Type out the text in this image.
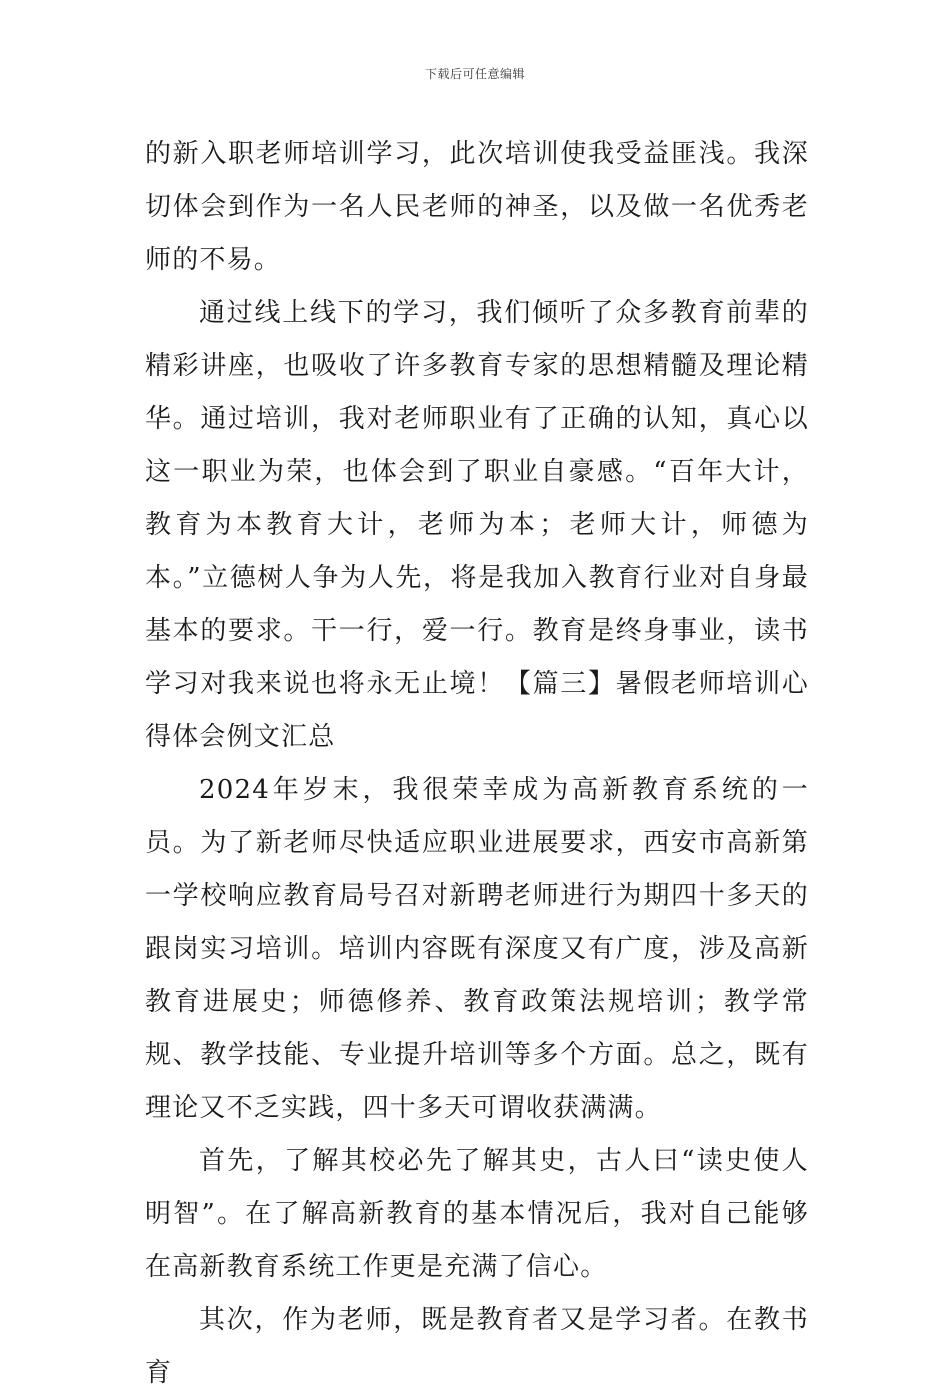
下载后可任意编辑

的新入职老师培训学习，此次培训使我受益匪浅。我深切体会到作为一名人民老师的神圣，以及做一名优秀老师的不易。

通过线上线下的学习，我们倾听了众多教育前辈的精彩讲座，也吸收了许多教育专家的思想精髓及理论精华。通过培训，我对老师职业有了正确的认知，真心以这一职业为荣，也体会到了职业自豪感。“百年大计，教育为本教育大计，老师为本；老师大计，师德为本。”立德树人争为人先，将是我加入教育行业对自身最基本的要求。干一行，爱一行。教育是终身事业，读书学习对我来说也将永无止境！【篇三】暑假老师培训心得体会例文汇总

2024年岁末，我很荣幸成为高新教育系统的一员。为了新老师尽快适应职业进展要求，西安市高新第一学校响应教育局号召对新聘老师进行为期四十多天的跟岗实习培训。培训内容既有深度又有广度，涉及高新教育进展史；师德修养、教育政策法规培训；教学常规、教学技能、专业提升培训等多个方面。总之，既有理论又不乏实践，四十多天可谓收获满满。

首先，了解其校必先了解其史，古人曰“读史使人明智”。在了解高新教育的基本情况后，我对自己能够在高新教育系统工作更是充满了信心。

其次，作为老师，既是教育者又是学习者。在教书育
